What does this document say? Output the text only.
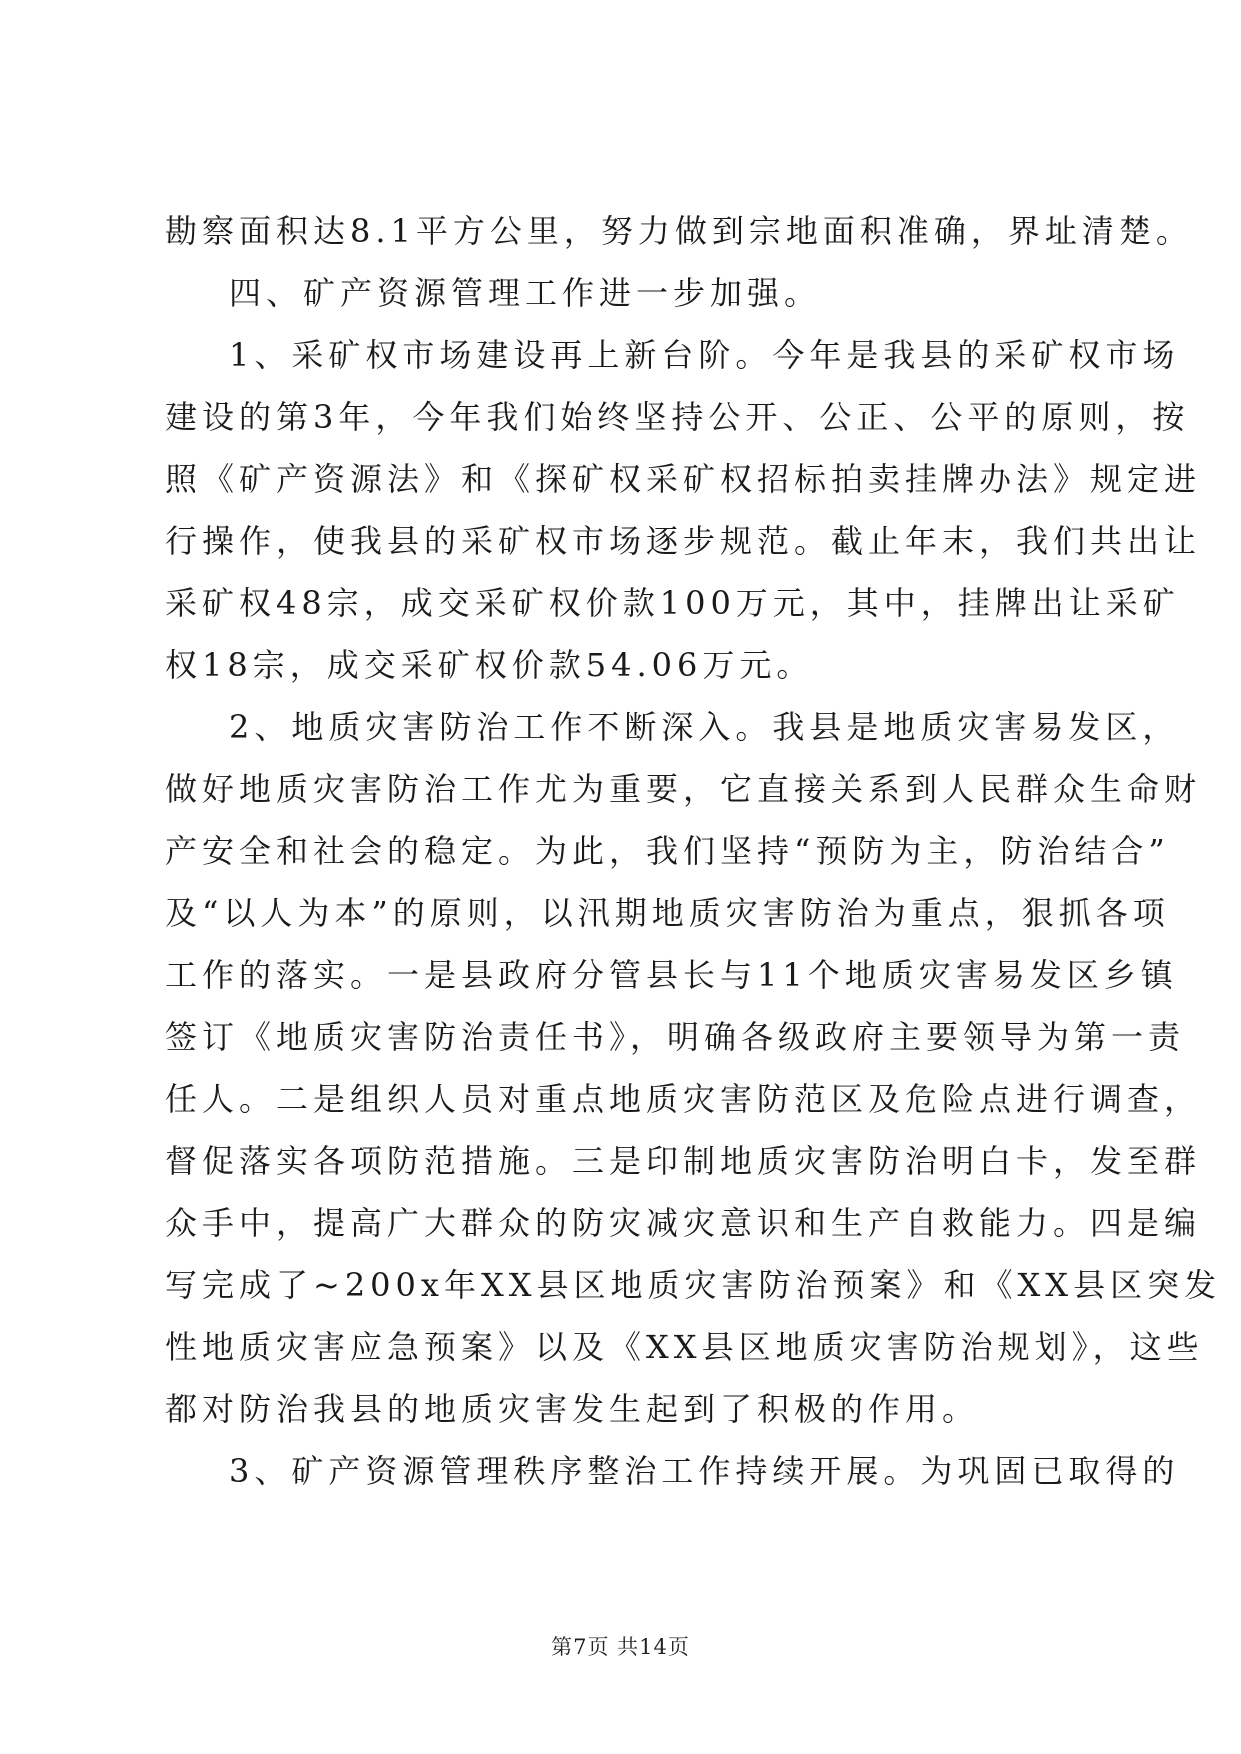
勘察面积达8.1平方公里，努力做到宗地面积准确，界址清楚。
四、矿产资源管理工作进一步加强。
1、采矿权市场建设再上新台阶。今年是我县的采矿权市场
建设的第3年，今年我们始终坚持公开、公正、公平的原则，按
照《矿产资源法》和《探矿权采矿权招标拍卖挂牌办法》规定进
行操作，使我县的采矿权市场逐步规范。截止年末，我们共出让
采矿权48宗，成交采矿权价款100万元，其中，挂牌出让采矿
权18宗，成交采矿权价款54.06万元。
2、地质灾害防治工作不断深入。我县是地质灾害易发区，
做好地质灾害防治工作尤为重要，它直接关系到人民群众生命财
产安全和社会的稳定。为此，我们坚持“预防为主，防治结合”
及“以人为本”的原则，以汛期地质灾害防治为重点，狠抓各项
工作的落实。一是县政府分管县长与11个地质灾害易发区乡镇
签订《地质灾害防治责任书》，明确各级政府主要领导为第一责
任人。二是组织人员对重点地质灾害防范区及危险点进行调查，
督促落实各项防范措施。三是印制地质灾害防治明白卡，发至群
众手中，提高广大群众的防灾减灾意识和生产自救能力。四是编
写完成了~200x年XX县区地质灾害防治预案》和《XX县区突发
性地质灾害应急预案》以及《XX县区地质灾害防治规划》，这些
都对防治我县的地质灾害发生起到了积极的作用。
3、矿产资源管理秩序整治工作持续开展。为巩固已取得的
第7页 共14页
